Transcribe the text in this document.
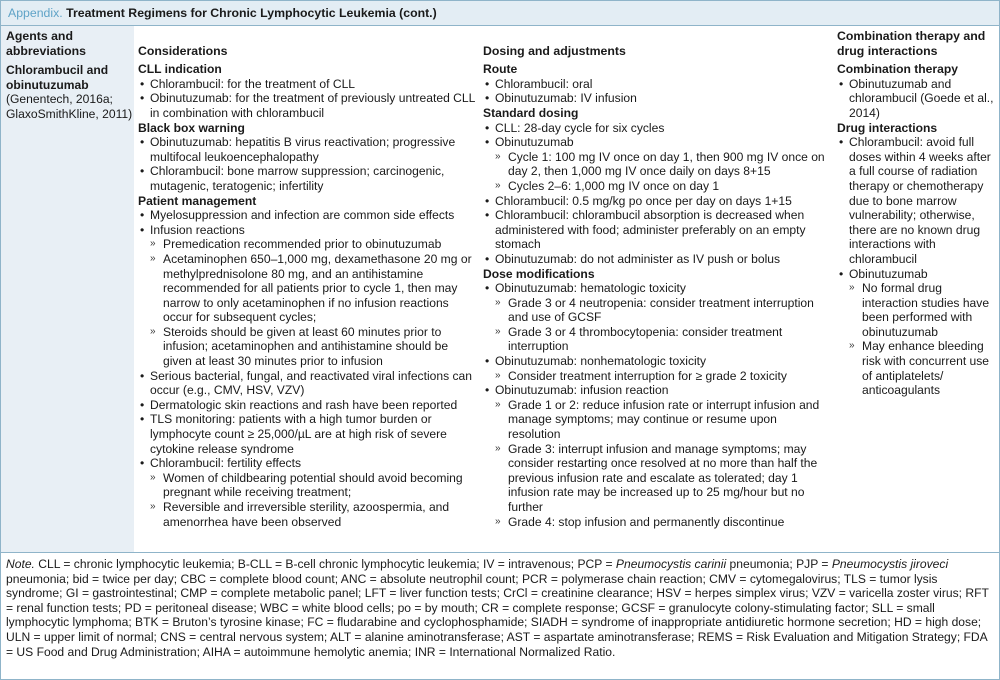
Appendix. Treatment Regimens for Chronic Lymphocytic Leukemia (cont.)
Agents and abbreviations
Chlorambucil and obinutuzumab
(Genentech, 2016a; GlaxoSmithKline, 2011)
Considerations
CLL indication
• Chlorambucil: for the treatment of CLL
• Obinutuzumab: for the treatment of previously untreated CLL in combination with chlorambucil
Black box warning
• Obinutuzumab: hepatitis B virus reactivation; progressive multifocal leukoencephalopathy
• Chlorambucil: bone marrow suppression; carcinogenic, mutagenic, teratogenic; infertility
Patient management
• Myelosuppression and infection are common side effects
• Infusion reactions
» Premedication recommended prior to obinutuzumab
» Acetaminophen 650–1,000 mg, dexamethasone 20 mg or methylprednisolone 80 mg, and an antihistamine recommended for all patients prior to cycle 1, then may narrow to only acetaminophen if no infusion reactions occur for subsequent cycles;
» Steroids should be given at least 60 minutes prior to infusion; acetaminophen and antihistamine should be given at least 30 minutes prior to infusion
• Serious bacterial, fungal, and reactivated viral infections can occur (e.g., CMV, HSV, VZV)
• Dermatologic skin reactions and rash have been reported
• TLS monitoring: patients with a high tumor burden or lymphocyte count ≥ 25,000/µL are at high risk of severe cytokine release syndrome
• Chlorambucil: fertility effects
» Women of childbearing potential should avoid becoming pregnant while receiving treatment;
» Reversible and irreversible sterility, azoospermia, and amenorrhea have been observed
Dosing and adjustments
Route
• Chlorambucil: oral
• Obinutuzumab: IV infusion
Standard dosing
• CLL: 28-day cycle for six cycles
• Obinutuzumab
» Cycle 1: 100 mg IV once on day 1, then 900 mg IV once on day 2, then 1,000 mg IV once daily on days 8+15
» Cycles 2–6: 1,000 mg IV once on day 1
• Chlorambucil: 0.5 mg/kg po once per day on days 1+15
• Chlorambucil: chlorambucil absorption is decreased when administered with food; administer preferably on an empty stomach
• Obinutuzumab: do not administer as IV push or bolus
Dose modifications
• Obinutuzumab: hematologic toxicity
» Grade 3 or 4 neutropenia: consider treatment interruption and use of GCSF
» Grade 3 or 4 thrombocytopenia: consider treatment interruption
• Obinutuzumab: nonhematologic toxicity
» Consider treatment interruption for ≥ grade 2 toxicity
• Obinutuzumab: infusion reaction
» Grade 1 or 2: reduce infusion rate or interrupt infusion and manage symptoms; may continue or resume upon resolution
» Grade 3: interrupt infusion and manage symptoms; may consider restarting once resolved at no more than half the previous infusion rate and escalate as tolerated; day 1 infusion rate may be increased up to 25 mg/hour but no further
» Grade 4: stop infusion and permanently discontinue
Combination therapy and drug interactions
Combination therapy
• Obinutuzumab and chlorambucil (Goede et al., 2014)
Drug interactions
• Chlorambucil: avoid full doses within 4 weeks after a full course of radiation therapy or chemotherapy due to bone marrow vulnerability; otherwise, there are no known drug interactions with chlorambucil
• Obinutuzumab
» No formal drug interaction studies have been performed with obinutuzumab
» May enhance bleeding risk with concurrent use of antiplatelets/ anticoagulants
Note. CLL = chronic lymphocytic leukemia; B-CLL = B-cell chronic lymphocytic leukemia; IV = intravenous; PCP = Pneumocystis carinii pneumonia; PJP = Pneumocystis jiroveci pneumonia; bid = twice per day; CBC = complete blood count; ANC = absolute neutrophil count; PCR = polymerase chain reaction; CMV = cytomegalovirus; TLS = tumor lysis syndrome; GI = gastrointestinal; CMP = complete metabolic panel; LFT = liver function tests; CrCl = creatinine clearance; HSV = herpes simplex virus; VZV = varicella zoster virus; RFT = renal function tests; PD = peritoneal disease; WBC = white blood cells; po = by mouth; CR = complete response; GCSF = granulocyte colony-stimulating factor; SLL = small lymphocytic lymphoma; BTK = Bruton’s tyrosine kinase; FC = fludarabine and cyclophosphamide; SIADH = syndrome of inappropriate antidiuretic hormone secretion; HD = high dose; ULN = upper limit of normal; CNS = central nervous system; ALT = alanine aminotransferase; AST = aspartate aminotransferase; REMS = Risk Evaluation and Mitigation Strategy; FDA = US Food and Drug Administration; AIHA = autoimmune hemolytic anemia; INR = International Normalized Ratio.
